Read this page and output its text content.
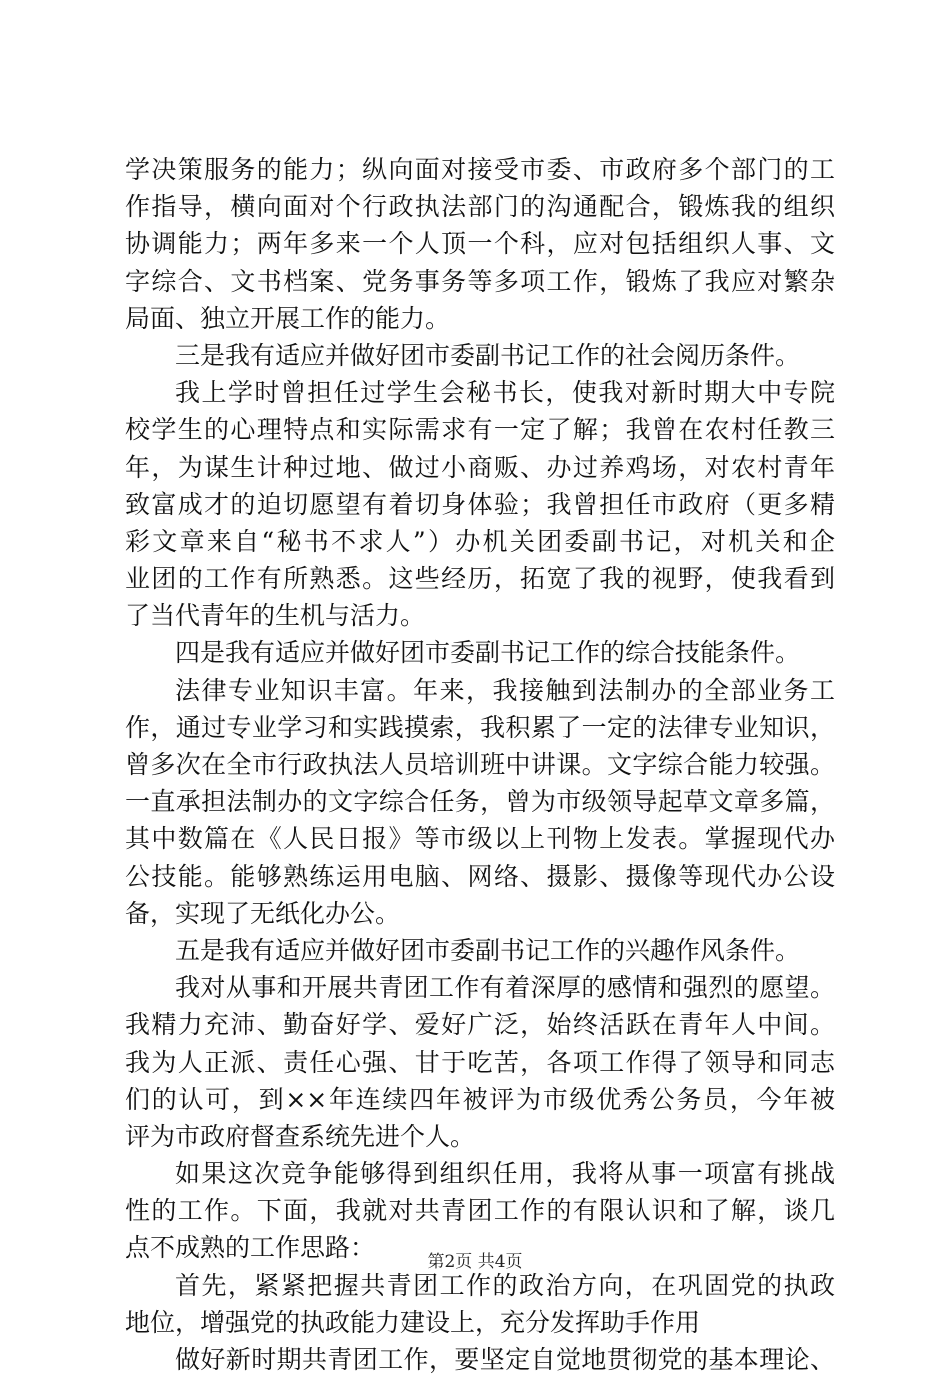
学决策服务的能力；纵向面对接受市委、市政府多个部门的工
作指导，横向面对个行政执法部门的沟通配合，锻炼我的组织
协调能力；两年多来一个人顶一个科，应对包括组织人事、文
字综合、文书档案、党务事务等多项工作，锻炼了我应对繁杂
局面、独立开展工作的能力。
三是我有适应并做好团市委副书记工作的社会阅历条件。
我上学时曾担任过学生会秘书长，使我对新时期大中专院
校学生的心理特点和实际需求有一定了解；我曾在农村任教三
年，为谋生计种过地、做过小商贩、办过养鸡场，对农村青年
致富成才的迫切愿望有着切身体验；我曾担任市政府（更多精
彩文章来自“秘书不求人”）办机关团委副书记，对机关和企
业团的工作有所熟悉。这些经历，拓宽了我的视野，使我看到
了当代青年的生机与活力。
四是我有适应并做好团市委副书记工作的综合技能条件。
法律专业知识丰富。年来，我接触到法制办的全部业务工
作，通过专业学习和实践摸索，我积累了一定的法律专业知识，
曾多次在全市行政执法人员培训班中讲课。文字综合能力较强。
一直承担法制办的文字综合任务，曾为市级领导起草文章多篇，
其中数篇在《人民日报》等市级以上刊物上发表。掌握现代办
公技能。能够熟练运用电脑、网络、摄影、摄像等现代办公设
备，实现了无纸化办公。
五是我有适应并做好团市委副书记工作的兴趣作风条件。
我对从事和开展共青团工作有着深厚的感情和强烈的愿望。
我精力充沛、勤奋好学、爱好广泛，始终活跃在青年人中间。
我为人正派、责任心强、甘于吃苦，各项工作得了领导和同志
们的认可，到××年连续四年被评为市级优秀公务员，今年被
评为市政府督查系统先进个人。
如果这次竞争能够得到组织任用，我将从事一项富有挑战
性的工作。下面，我就对共青团工作的有限认识和了解，谈几
点不成熟的工作思路：
首先，紧紧把握共青团工作的政治方向，在巩固党的执政
地位，增强党的执政能力建设上，充分发挥助手作用
做好新时期共青团工作，要坚定自觉地贯彻党的基本理论、
第2页 共4页
